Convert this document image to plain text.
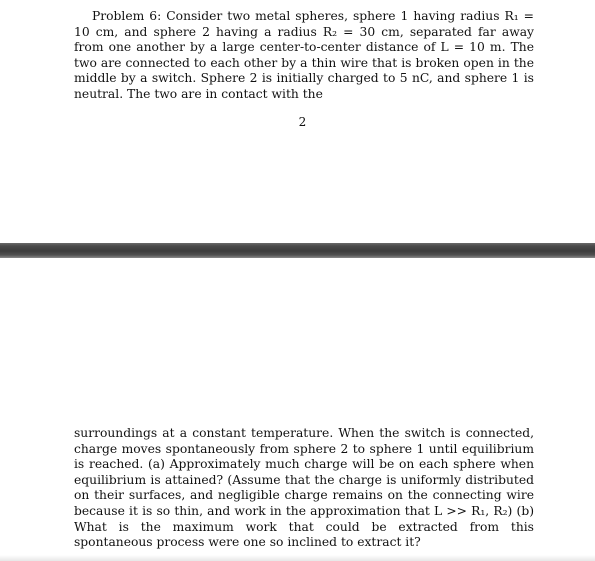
Problem 6: Consider two metal spheres, sphere 1 having radius R₁ = 10 cm, and sphere 2 having a radius R₂ = 30 cm, separated far away from one another by a large center-to-center distance of L = 10 m. The two are connected to each other by a thin wire that is broken open in the middle by a switch. Sphere 2 is initially charged to 5 nC, and sphere 1 is neutral. The two are in contact with the

2

surroundings at a constant temperature. When the switch is connected, charge moves spontaneously from sphere 2 to sphere 1 until equilibrium is reached. (a) Approximately much charge will be on each sphere when equilibrium is attained? (Assume that the charge is uniformly distributed on their surfaces, and negligible charge remains on the connecting wire because it is so thin, and work in the approximation that L >> R₁, R₂) (b) What is the maximum work that could be extracted from this spontaneous process were one so inclined to extract it?
